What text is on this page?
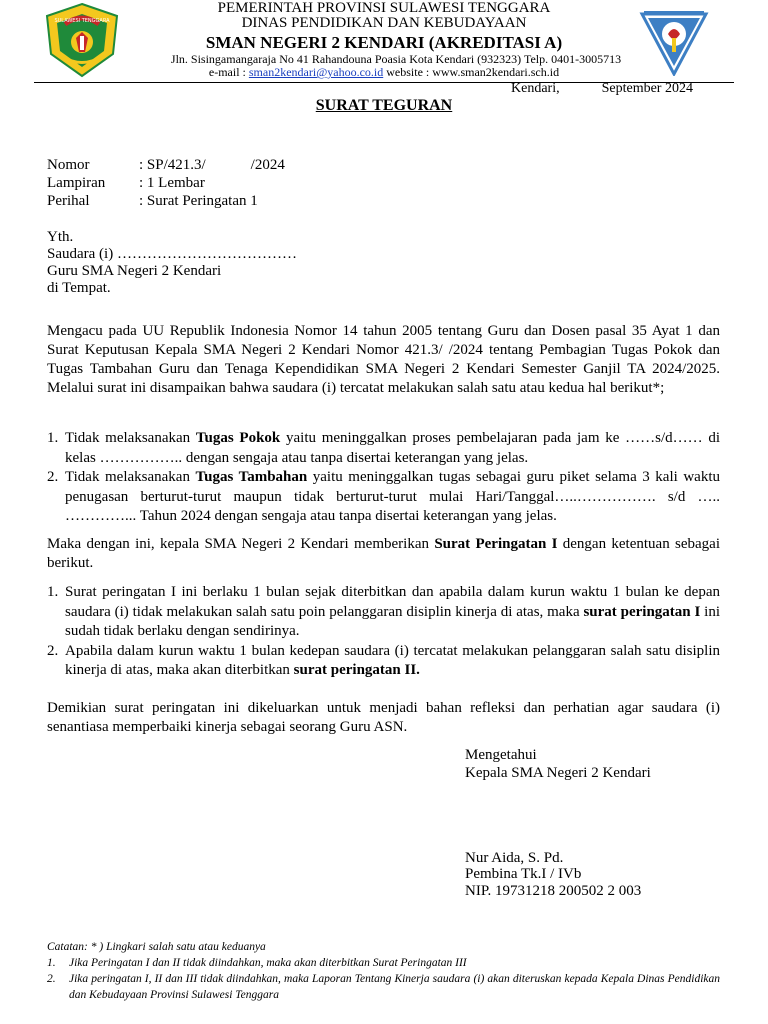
SULAWESI TENGGARA
PEMERINTAH PROVINSI SULAWESI TENGGARA
DINAS PENDIDIKAN DAN KEBUDAYAAN
SMAN NEGERI 2 KENDARI (AKREDITASI A)
Jln. Sisingamangaraja No 41 Rahandouna Poasia Kota Kendari (932323) Telp. 0401-3005713
e-mail : sman2kendari@yahoo.co.id website : www.sman2kendari.sch.id
Kendari,	September 2024
SURAT TEGURAN
Nomor	: SP/421.3/            /2024
Lampiran : 1 Lembar
Perihal	: Surat Peringatan 1
Yth.
Saudara (i) ………………………………
Guru SMA Negeri 2 Kendari
di Tempat.
Mengacu pada UU Republik Indonesia Nomor 14 tahun 2005 tentang Guru dan Dosen pasal 35 Ayat 1 dan Surat Keputusan Kepala SMA Negeri 2 Kendari Nomor 421.3/ /2024 tentang Pembagian Tugas Pokok dan Tugas Tambahan Guru dan Tenaga Kependidikan SMA Negeri 2 Kendari Semester Ganjil TA 2024/2025. Melalui surat ini disampaikan bahwa saudara (i) tercatat melakukan salah satu atau kedua hal berikut*;
1. Tidak melaksanakan Tugas Pokok yaitu meninggalkan proses pembelajaran pada jam ke ……s/d…… di kelas …………….. dengan sengaja atau tanpa disertai keterangan yang jelas.
2. Tidak melaksanakan Tugas Tambahan yaitu meninggalkan tugas sebagai guru piket selama 3 kali waktu penugasan berturut-turut maupun tidak berturut-turut mulai Hari/Tanggal…..……………. s/d ….. …………... Tahun 2024 dengan sengaja atau tanpa disertai keterangan yang jelas.
Maka dengan ini, kepala SMA Negeri 2 Kendari memberikan Surat Peringatan I dengan ketentuan sebagai berikut.
1. Surat peringatan I ini berlaku 1 bulan sejak diterbitkan dan apabila dalam kurun waktu 1 bulan ke depan saudara (i) tidak melakukan salah satu poin pelanggaran disiplin kinerja di atas, maka surat peringatan I ini sudah tidak berlaku dengan sendirinya.
2. Apabila dalam kurun waktu 1 bulan kedepan saudara (i) tercatat melakukan pelanggaran salah satu disiplin kinerja di atas, maka akan diterbitkan surat peringatan II.
Demikian surat peringatan ini dikeluarkan untuk menjadi bahan refleksi dan perhatian agar saudara (i) senantiasa memperbaiki kinerja sebagai seorang Guru ASN.
Mengetahui
Kepala SMA Negeri 2 Kendari
Nur Aida, S. Pd.
Pembina Tk.I / IVb
NIP. 19731218 200502 2 003
Catatan: * ) Lingkari salah satu atau keduanya
1. Jika Peringatan I dan II tidak diindahkan, maka akan diterbitkan Surat Peringatan III
2. Jika peringatan I, II dan III tidak diindahkan, maka Laporan Tentang Kinerja saudara (i) akan diteruskan kepada Kepala Dinas Pendidikan dan Kebudayaan Provinsi Sulawesi Tenggara
